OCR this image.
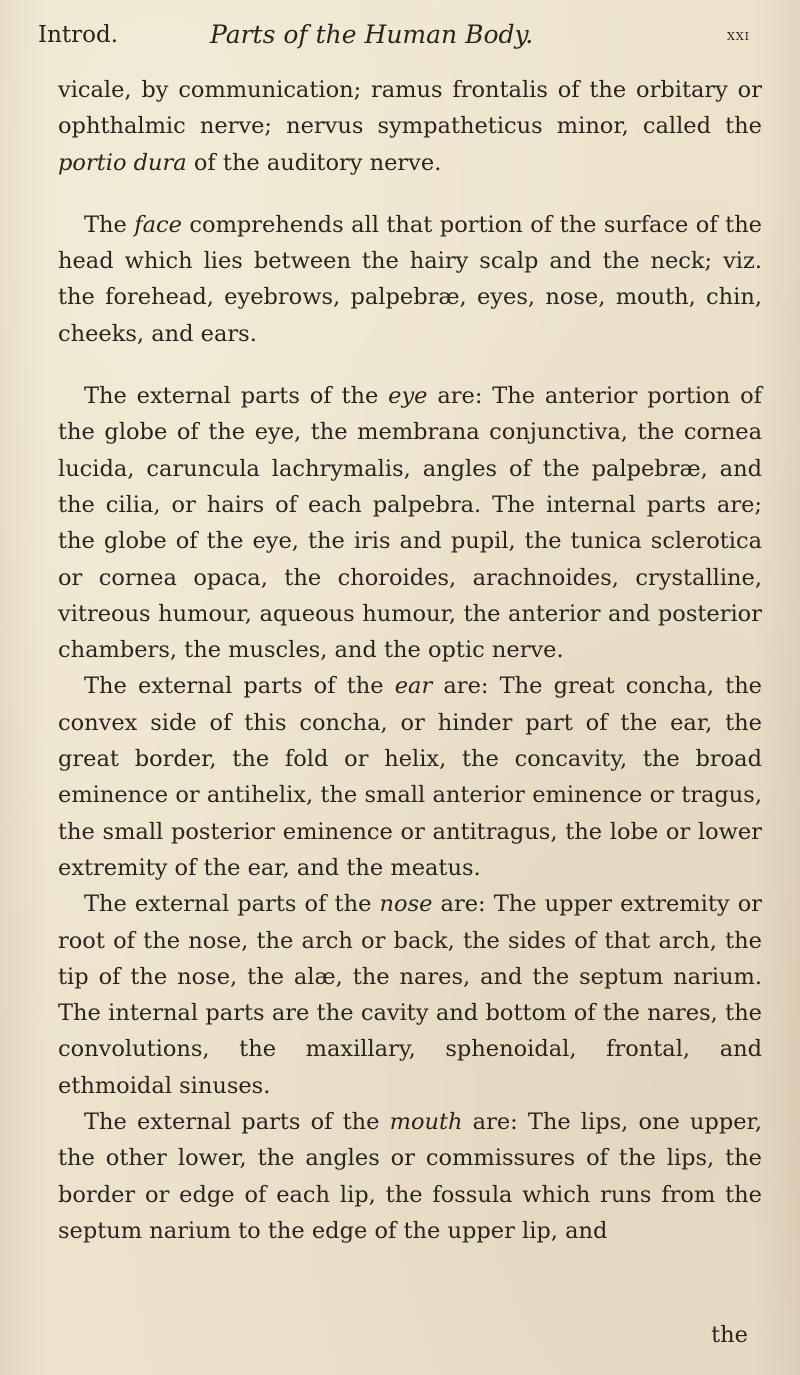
Introd.	Parts of the Human Body.	xxi

vicale, by communication; ramus frontalis of the orbitary or ophthalmic nerve; nervus sympatheticus minor, called the portio dura of the auditory nerve.

The face comprehends all that portion of the surface of the head which lies between the hairy scalp and the neck; viz. the forehead, eyebrows, palpebræ, eyes, nose, mouth, chin, cheeks, and ears.

The external parts of the eye are: The anterior portion of the globe of the eye, the membrana conjunctiva, the cornea lucida, caruncula lachrymalis, angles of the palpebræ, and the cilia, or hairs of each palpebra. The internal parts are; the globe of the eye, the iris and pupil, the tunica sclerotica or cornea opaca, the choroides, arachnoides, crystalline, vitreous humour, aqueous humour, the anterior and posterior chambers, the muscles, and the optic nerve.

The external parts of the ear are: The great concha, the convex side of this concha, or hinder part of the ear, the great border, the fold or helix, the concavity, the broad eminence or antihelix, the small anterior eminence or tragus, the small posterior eminence or antitragus, the lobe or lower extremity of the ear, and the meatus.

The external parts of the nose are: The upper extremity or root of the nose, the arch or back, the sides of that arch, the tip of the nose, the alæ, the nares, and the septum narium. The internal parts are the cavity and bottom of the nares, the convolutions, the maxillary, sphenoidal, frontal, and ethmoidal sinuses.

The external parts of the mouth are: The lips, one upper, the other lower, the angles or commissures of the lips, the border or edge of each lip, the fossula which runs from the septum narium to the edge of the upper lip, and

the
